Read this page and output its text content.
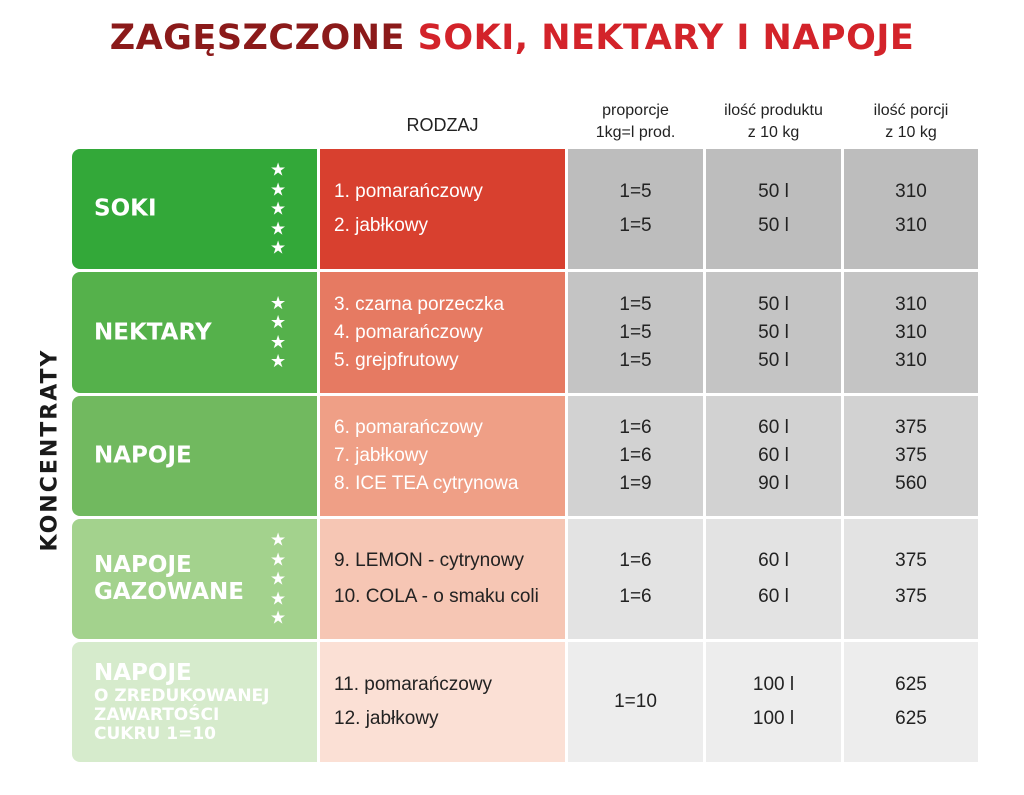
ZAGĘSZCZONE SOKI, NEKTARY I NAPOJE
KONCENTRATY
RODZAJ
proporcje
1kg=l prod.
ilość produktu
z 10 kg
ilość porcji
z 10 kg
SOKI
★
★
★
★
★
1. pomarańczowy
2. jabłkowy
1=5
1=5
50 l
50 l
310
310
NEKTARY
★
★
★
★
3. czarna porzeczka
4. pomarańczowy
5. grejpfrutowy
1=5
1=5
1=5
50 l
50 l
50 l
310
310
310
NAPOJE
6. pomarańczowy
7. jabłkowy
8. ICE TEA cytrynowa
1=6
1=6
1=9
60 l
60 l
90 l
375
375
560
NAPOJE
GAZOWANE
★
★
★
★
★
9. LEMON - cytrynowy
10. COLA - o smaku coli
1=6
1=6
60 l
60 l
375
375
NAPOJE
O ZREDUKOWANEJ
ZAWARTOŚCI
CUKRU 1=10
11. pomarańczowy
12. jabłkowy
1=10
100 l
100 l
625
625
